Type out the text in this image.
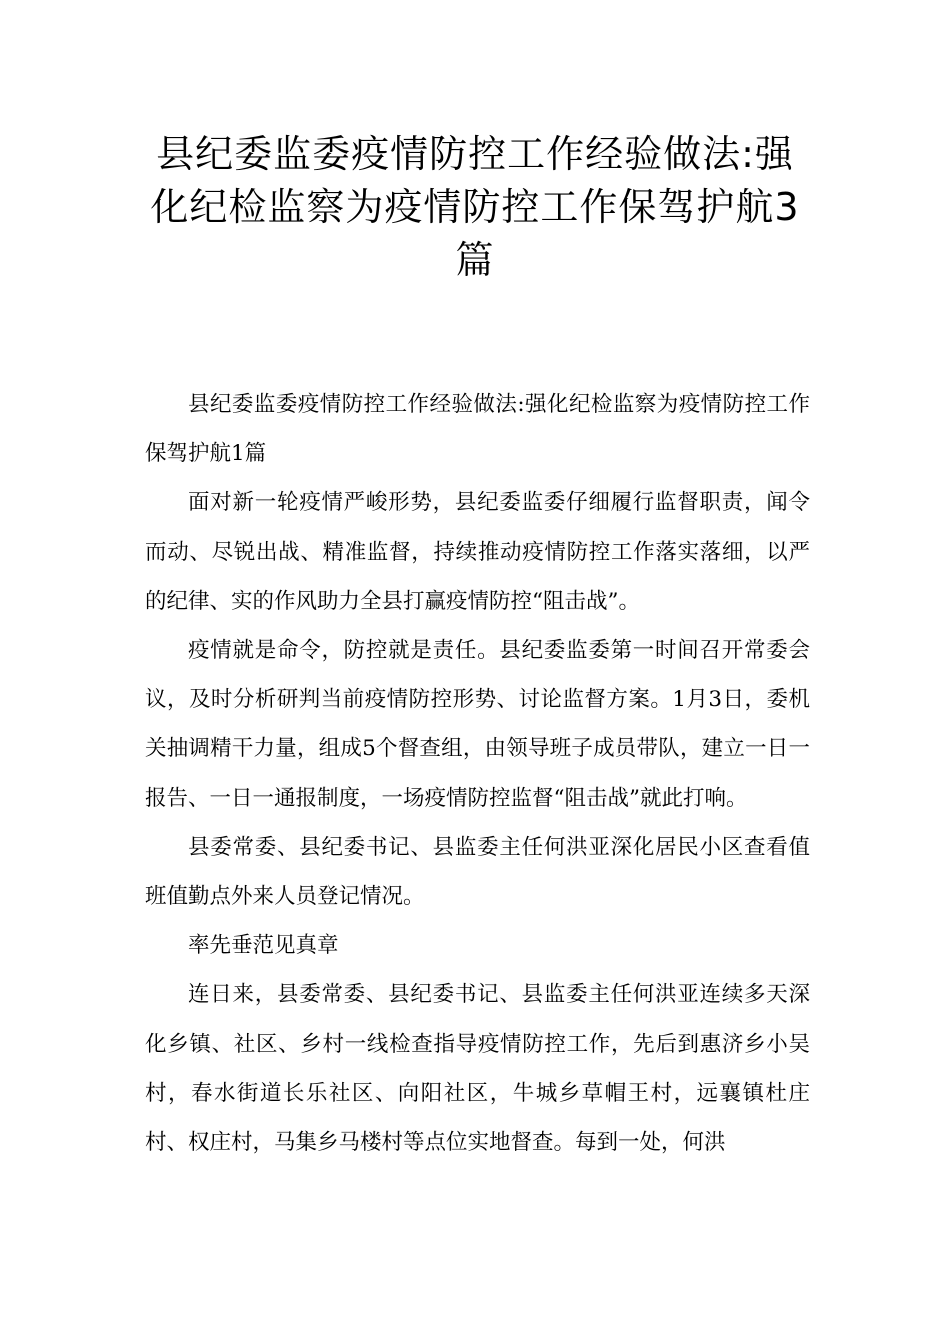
县纪委监委疫情防控工作经验做法:强化纪检监察为疫情防控工作保驾护航3篇

县纪委监委疫情防控工作经验做法:强化纪检监察为疫情防控工作保驾护航1篇

面对新一轮疫情严峻形势，县纪委监委仔细履行监督职责，闻令而动、尽锐出战、精准监督，持续推动疫情防控工作落实落细，以严的纪律、实的作风助力全县打赢疫情防控“阻击战”。

疫情就是命令，防控就是责任。县纪委监委第一时间召开常委会议，及时分析研判当前疫情防控形势、讨论监督方案。1月3日，委机关抽调精干力量，组成5个督查组，由领导班子成员带队，建立一日一报告、一日一通报制度，一场疫情防控监督“阻击战”就此打响。

县委常委、县纪委书记、县监委主任何洪亚深化居民小区查看值班值勤点外来人员登记情况。

率先垂范见真章

连日来，县委常委、县纪委书记、县监委主任何洪亚连续多天深化乡镇、社区、乡村一线检查指导疫情防控工作，先后到惠济乡小吴村，春水街道长乐社区、向阳社区，牛城乡草帽王村，远襄镇杜庄村、权庄村，马集乡马楼村等点位实地督查。每到一处，何洪
